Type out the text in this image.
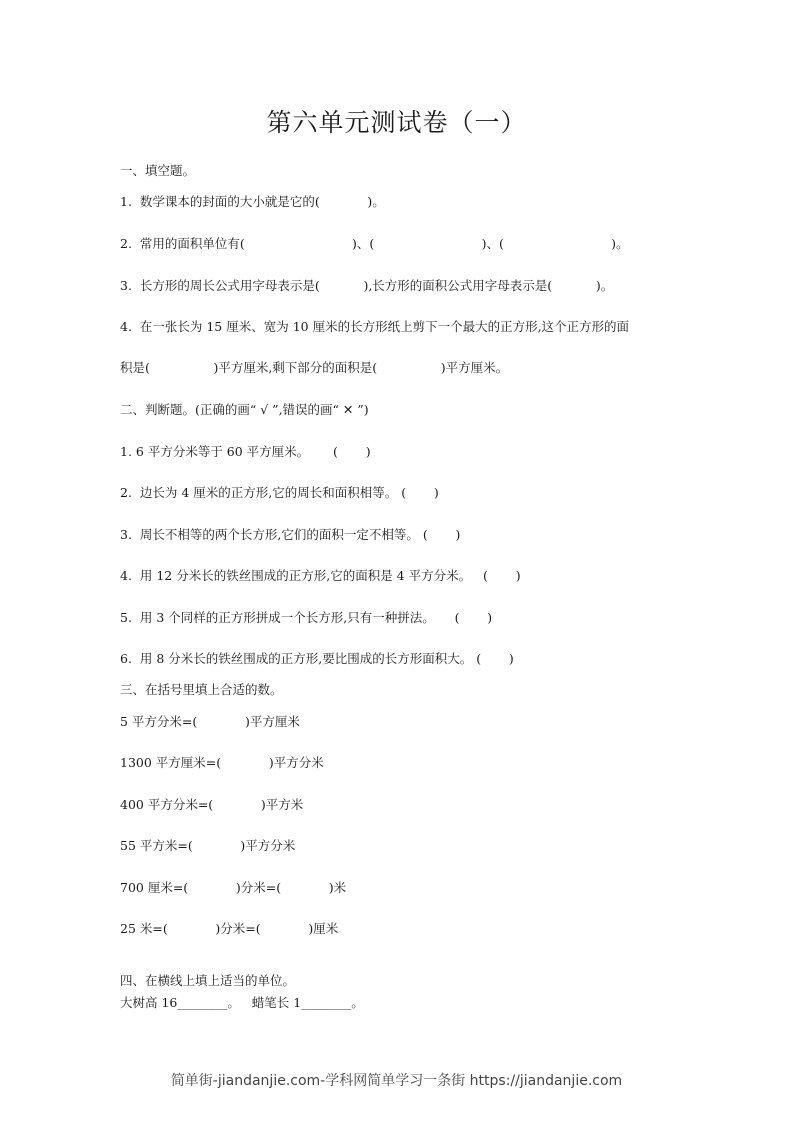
第六单元测试卷（一）
一、填空题。
1.  数学课本的封面的大小就是它的(            )。
2.  常用的面积单位有(                           )、(                           )、(                           )。
3.  长方形的周长公式用字母表示是(           ),长方形的面积公式用字母表示是(           )。
4.  在一张长为 15 厘米、宽为 10 厘米的长方形纸上剪下一个最大的正方形,这个正方形的面
积是(                )平方厘米,剩下部分的面积是(                )平方厘米。
二、判断题。(正确的画“ √ ”,错误的画“ ✕ ”)
1. 6 平方分米等于 60 平方厘米。      (       )
2.  边长为 4 厘米的正方形,它的周长和面积相等。 (       )
3.  周长不相等的两个长方形,它们的面积一定不相等。 (       )
4.  用 12 分米长的铁丝围成的正方形,它的面积是 4 平方分米。   (       )
5.  用 3 个同样的正方形拼成一个长方形,只有一种拼法。     (       )
6.  用 8 分米长的铁丝围成的正方形,要比围成的长方形面积大。 (       )
三、在括号里填上合适的数。
5 平方分米=(            )平方厘米
1300 平方厘米=(            )平方分米
400 平方分米=(            )平方米
55 平方米=(            )平方分米
700 厘米=(            )分米=(            )米
25 米=(            )分米=(            )厘米
四、在横线上填上适当的单位。
大树高 16________。   蜡笔长 1________。
简单街-jiandanjie.com-学科网简单学习一条街 https://jiandanjie.com
